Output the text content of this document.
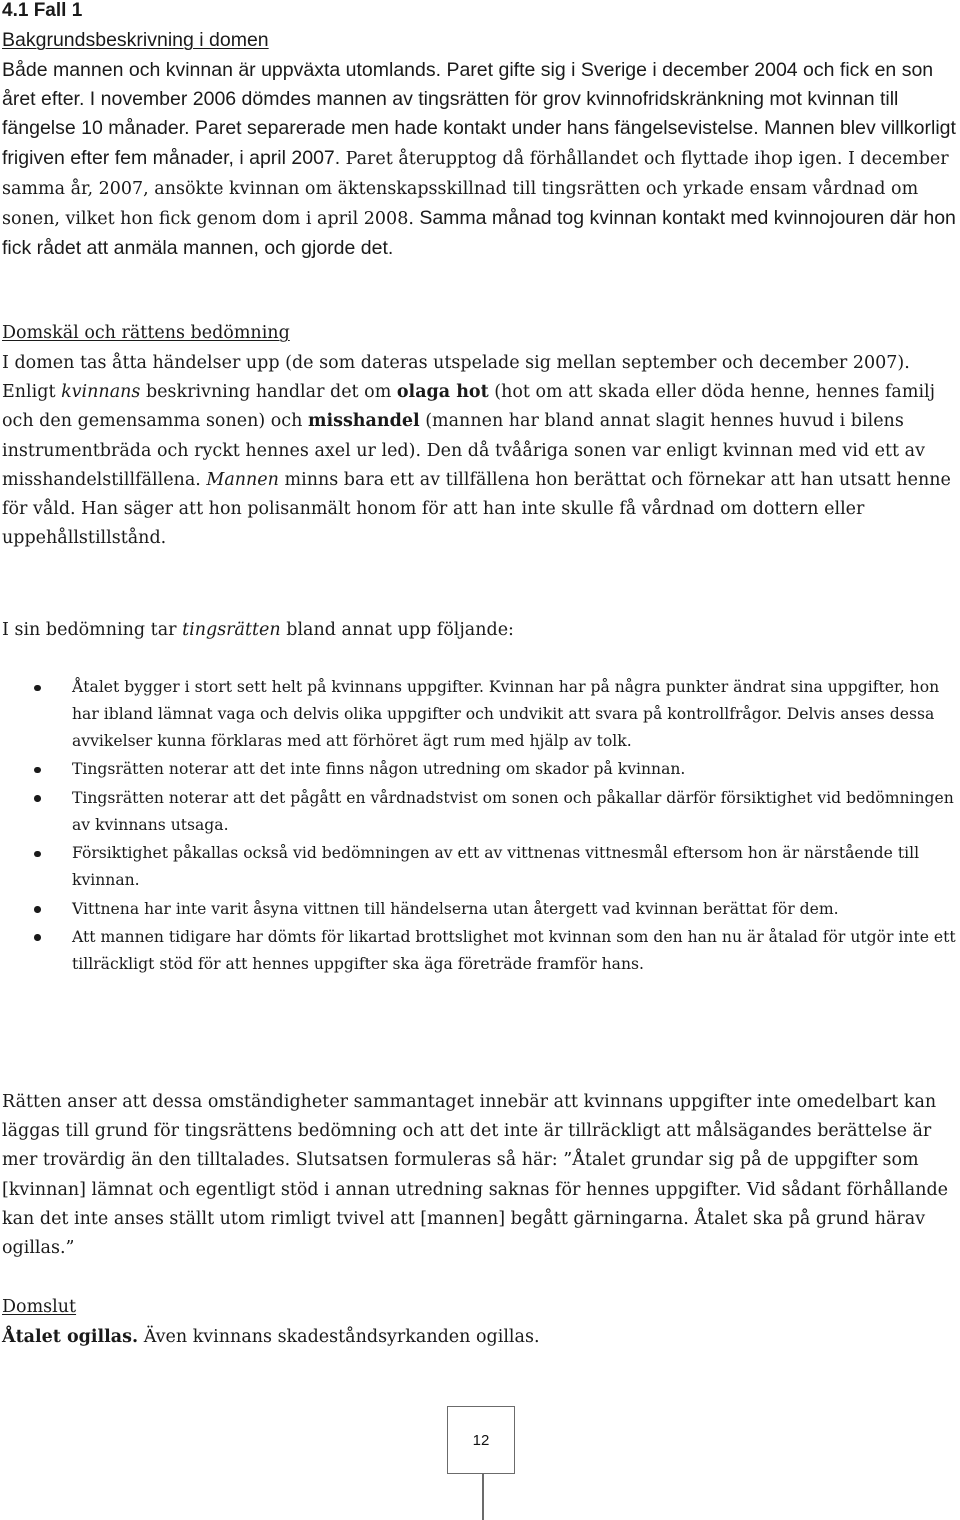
4.1 Fall 1
Bakgrundsbeskrivning i domen

Både mannen och kvinnan är uppväxta utomlands. Paret gifte sig i Sverige i december 2004 och fick en son året efter. I november 2006 dömdes mannen av tingsrätten för grov kvinnofridskränkning mot kvinnan till fängelse 10 månader. Paret separerade men hade kontakt under hans fängelsevistelse. Mannen blev villkorligt frigiven efter fem månader, i april 2007. Paret återupptog då förhållandet och flyttade ihop igen. I december samma år, 2007, ansökte kvinnan om äktenskapsskillnad till tingsrätten och yrkade ensam vårdnad om sonen, vilket hon fick genom dom i april 2008. Samma månad tog kvinnan kontakt med kvinnojouren där hon fick rådet att anmäla mannen, och gjorde det.

Domskäl och rättens bedömning

I domen tas åtta händelser upp (de som dateras utspelade sig mellan september och december 2007). Enligt kvinnans beskrivning handlar det om olaga hot (hot om att skada eller döda henne, hennes familj och den gemensamma sonen) och misshandel (mannen har bland annat slagit hennes huvud i bilens instrumentbräda och ryckt hennes axel ur led). Den då tvååriga sonen var enligt kvinnan med vid ett av misshandelstillfällena. Mannen minns bara ett av tillfällena hon berättat och förnekar att han utsatt henne för våld. Han säger att hon polisanmält honom för att han inte skulle få vårdnad om dottern eller uppehållstillstånd.

I sin bedömning tar tingsrätten bland annat upp följande:

Åtalet bygger i stort sett helt på kvinnans uppgifter. Kvinnan har på några punkter ändrat sina uppgifter, hon har ibland lämnat vaga och delvis olika uppgifter och undvikit att svara på kontrollfrågor. Delvis anses dessa avvikelser kunna förklaras med att förhöret ägt rum med hjälp av tolk.
Tingsrätten noterar att det inte finns någon utredning om skador på kvinnan.
Tingsrätten noterar att det pågått en vårdnadstvist om sonen och påkallar därför försiktighet vid bedömningen av kvinnans utsaga.
Försiktighet påkallas också vid bedömningen av ett av vittnenas vittnesmål eftersom hon är närstående till kvinnan.
Vittnena har inte varit åsyna vittnen till händelserna utan återgett vad kvinnan berättat för dem.
Att mannen tidigare har dömts för likartad brottslighet mot kvinnan som den han nu är åtalad för utgör inte ett tillräckligt stöd för att hennes uppgifter ska äga företräde framför hans.

Rätten anser att dessa omständigheter sammantaget innebär att kvinnans uppgifter inte omedelbart kan läggas till grund för tingsrättens bedömning och att det inte är tillräckligt att målsägandes berättelse är mer trovärdig än den tilltalades. Slutsatsen formuleras så här: ”Åtalet grundar sig på de uppgifter som [kvinnan] lämnat och egentligt stöd i annan utredning saknas för hennes uppgifter. Vid sådant förhållande kan det inte anses ställt utom rimligt tvivel att [mannen] begått gärningarna. Åtalet ska på grund härav ogillas.”

Domslut

Åtalet ogillas. Även kvinnans skadeståndsyrkanden ogillas.

12
